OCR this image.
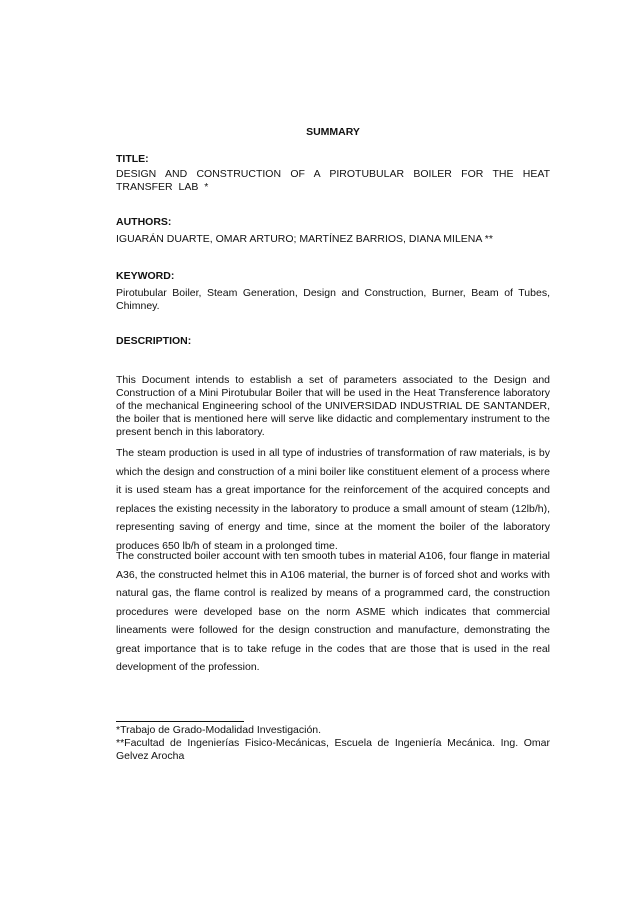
SUMMARY
TITLE:
DESIGN AND CONSTRUCTION OF A PIROTUBULAR BOILER FOR THE HEAT TRANSFER LAB *
AUTHORS:
IGUARÁN DUARTE, OMAR ARTURO; MARTÍNEZ BARRIOS, DIANA MILENA **
KEYWORD:
Pirotubular Boiler, Steam Generation, Design and Construction, Burner, Beam of Tubes, Chimney.
DESCRIPTION:
This Document intends to establish a set of parameters associated to the Design and Construction of a Mini Pirotubular Boiler that will be used in the Heat Transference laboratory of the mechanical Engineering school of the UNIVERSIDAD INDUSTRIAL DE SANTANDER, the boiler that is mentioned here will serve like didactic and complementary instrument to the present bench in this laboratory.
The steam production is used in all type of industries of transformation of raw materials, is by which the design and construction of a mini boiler like constituent element of a process where it is used steam has a great importance for the reinforcement of the acquired concepts and replaces the existing necessity in the laboratory to produce a small amount of steam (12lb/h), representing saving of energy and time, since at the moment the boiler of the laboratory produces 650 lb/h of steam in a prolonged time.
The constructed boiler account with ten smooth tubes in material A106, four flange in material A36, the constructed helmet this in A106 material, the burner is of forced shot and works with natural gas, the flame control is realized by means of a programmed card, the construction procedures were developed base on the norm ASME which indicates that commercial lineaments were followed for the design construction and manufacture, demonstrating the great importance that is to take refuge in the codes that are those that is used in the real development of the profession.
*Trabajo de Grado-Modalidad Investigación.
**Facultad de Ingenierías Fisico-Mecánicas, Escuela de Ingeniería Mecánica. Ing. Omar Gelvez Arocha
